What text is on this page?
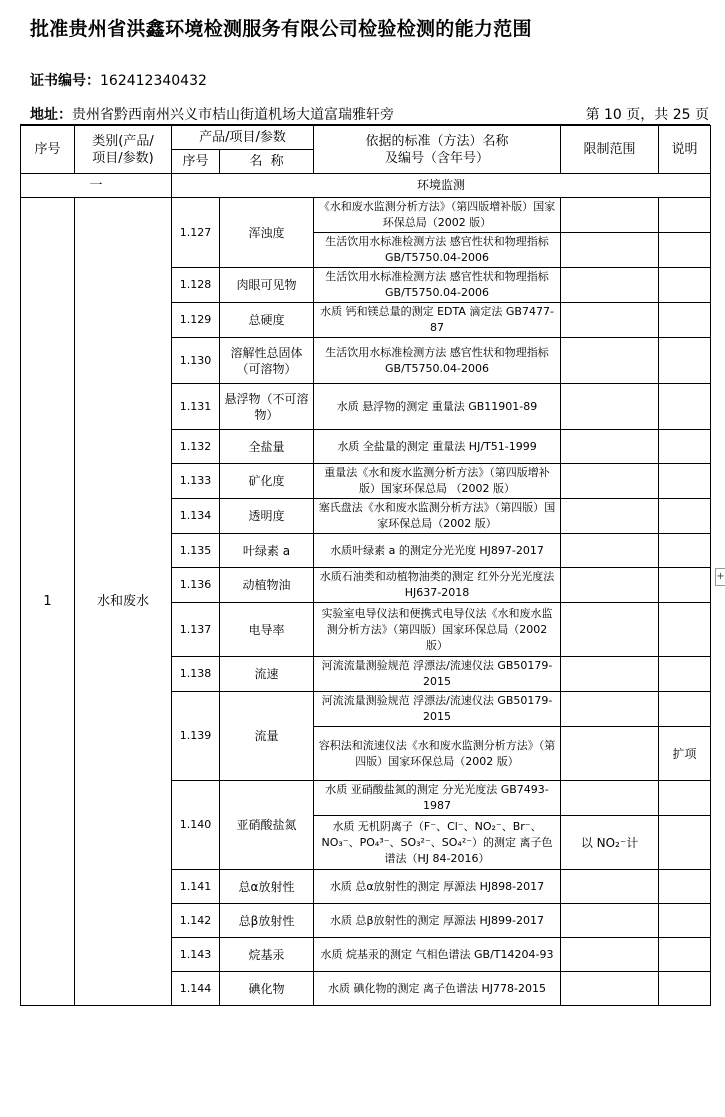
批准贵州省洪鑫环境检测服务有限公司检验检测的能力范围
证书编号：162412340432
地址：贵州省黔西南州兴义市桔山街道机场大道富瑞雅轩旁	第 10 页，共 25 页
序号	类别(产品/
项目/参数)	产品/项目/参数		依据的标准（方法）名称
及编号（含年号）	限制范围	说明
		序号	名  称			
一		环境监测				
1	水和废水	1.127	浑浊度	《水和废水监测分析方法》（第四版增补版）国家环保总局（2002 版）		
				生活饮用水标准检测方法 感官性状和物理指标 GB/T5750.04-2006		
		1.128	肉眼可见物	生活饮用水标准检测方法 感官性状和物理指标 GB/T5750.04-2006		
		1.129	总硬度	水质 钙和镁总量的测定 EDTA 滴定法 GB7477-87		
		1.130	溶解性总固体（可溶物）	生活饮用水标准检测方法 感官性状和物理指标 GB/T5750.04-2006		
		1.131	悬浮物（不可溶物）	水质 悬浮物的测定 重量法 GB11901-89		
		1.132	全盐量	水质 全盐量的测定 重量法 HJ/T51-1999		
		1.133	矿化度	重量法《水和废水监测分析方法》（第四版增补版）国家环保总局 （2002 版）		
		1.134	透明度	塞氏盘法《水和废水监测分析方法》（第四版）国家环保总局（2002 版）		
		1.135	叶绿素 a	水质叶绿素 a 的测定分光光度 HJ897-2017		
		1.136	动植物油	水质石油类和动植物油类的测定 红外分光光度法 HJ637-2018		
		1.137	电导率	实验室电导仪法和便携式电导仪法《水和废水监测分析方法》（第四版）国家环保总局（2002 版）		
		1.138	流速	河流流量测验规范 浮漂法/流速仪法 GB50179-2015		
		1.139	流量	河流流量测验规范 浮漂法/流速仪法 GB50179-2015		
				容积法和流速仪法《水和废水监测分析方法》（第四版）国家环保总局（2002 版）		扩项
		1.140	亚硝酸盐氮	水质 亚硝酸盐氮的测定 分光光度法 GB7493-1987		
				水质 无机阴离子（F⁻、Cl⁻、NO₂⁻、Br⁻、NO₃⁻、PO₄³⁻、SO₃²⁻、SO₄²⁻）的测定 离子色谱法（HJ 84-2016）	以 NO₂⁻计	
		1.141	总α放射性	水质 总α放射性的测定 厚源法 HJ898-2017		
		1.142	总β放射性	水质 总β放射性的测定 厚源法 HJ899-2017		
		1.143	烷基汞	水质 烷基汞的测定 气相色谱法 GB/T14204-93		
		1.144	碘化物	水质 碘化物的测定 离子色谱法 HJ778-2015		
+
